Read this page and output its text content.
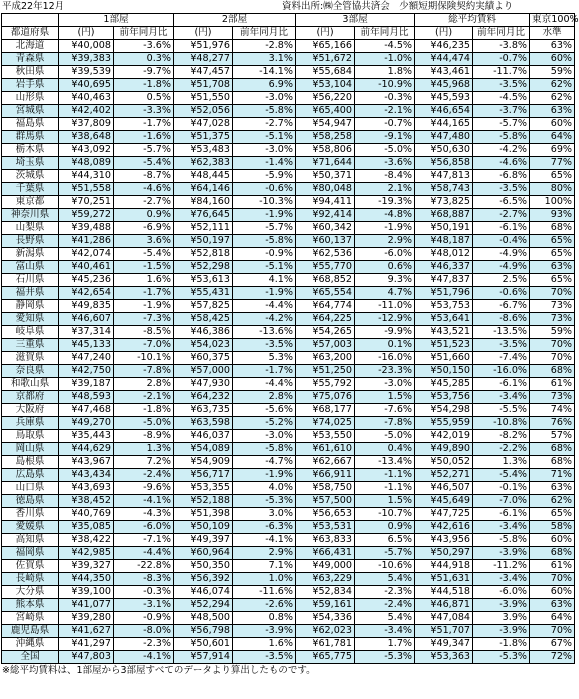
平成22年12月	資料出所:㈱全管協共済会　少額短期保険契約実績より
	1部屋		2部屋		3部屋		総平均賃料		東京100%
都道府県	(円)	前年同月比	(円)	前年同月比	(円)	前年同月比	(円)	前年同月比	水準
北海道	¥40,008	-3.6%	¥51,976	-2.8%	¥65,166	-4.5%	¥46,235	-3.8%	63%
青森県	¥39,383	0.3%	¥48,277	3.1%	¥51,672	-1.0%	¥44,474	-0.7%	60%
秋田県	¥39,539	-9.7%	¥47,457	-14.1%	¥55,684	1.8%	¥43,461	-11.7%	59%
岩手県	¥40,695	-1.8%	¥51,708	6.9%	¥53,104	-10.9%	¥45,968	-3.5%	62%
山形県	¥40,463	0.5%	¥51,550	-3.0%	¥56,220	-0.3%	¥45,593	-4.5%	62%
宮城県	¥42,402	-3.3%	¥52,056	-5.8%	¥65,400	-2.1%	¥46,654	-3.7%	63%
福島県	¥37,809	-1.7%	¥47,028	-2.7%	¥54,947	-0.7%	¥44,165	-5.7%	60%
群馬県	¥38,648	-1.6%	¥51,375	-5.1%	¥58,258	-9.1%	¥47,480	-5.8%	64%
栃木県	¥43,092	-5.7%	¥53,483	-3.0%	¥58,806	-5.0%	¥50,630	-4.2%	69%
埼玉県	¥48,089	-5.4%	¥62,383	-1.4%	¥71,644	-3.6%	¥56,858	-4.6%	77%
茨城県	¥44,310	-8.7%	¥48,445	-5.9%	¥50,371	-8.4%	¥47,813	-6.8%	65%
千葉県	¥51,558	-4.6%	¥64,146	-0.6%	¥80,048	2.1%	¥58,743	-3.5%	80%
東京都	¥70,251	-2.7%	¥84,160	-10.3%	¥94,411	-19.3%	¥73,825	-6.5%	100%
神奈川県	¥59,272	0.9%	¥76,645	-1.9%	¥92,414	-4.8%	¥68,887	-2.7%	93%
山梨県	¥39,488	-6.9%	¥52,111	-5.7%	¥60,342	-1.9%	¥50,191	-6.1%	68%
長野県	¥41,286	3.6%	¥50,197	-5.8%	¥60,137	2.9%	¥48,187	-0.4%	65%
新潟県	¥42,074	-5.4%	¥52,818	-0.9%	¥62,536	-6.0%	¥48,012	-4.9%	65%
富山県	¥40,461	-1.5%	¥52,298	-5.1%	¥55,770	0.6%	¥46,337	-4.9%	63%
石川県	¥45,236	1.6%	¥53,613	4.1%	¥68,852	9.3%	¥47,837	2.5%	65%
福井県	¥42,654	-1.7%	¥55,431	-1.9%	¥65,554	4.7%	¥51,796	-0.6%	70%
静岡県	¥49,835	-1.9%	¥57,825	-4.4%	¥64,774	-11.0%	¥53,753	-6.7%	73%
愛知県	¥46,607	-7.3%	¥58,425	-4.2%	¥64,225	-12.9%	¥53,641	-8.6%	73%
岐阜県	¥37,314	-8.5%	¥46,386	-13.6%	¥54,265	-9.9%	¥43,521	-13.5%	59%
三重県	¥45,133	-7.0%	¥54,023	-3.5%	¥57,003	0.1%	¥51,523	-3.5%	70%
滋賀県	¥47,240	-10.1%	¥60,375	5.3%	¥63,200	-16.0%	¥51,660	-7.4%	70%
奈良県	¥42,750	-7.8%	¥57,000	-1.7%	¥51,250	-23.3%	¥50,150	-16.0%	68%
和歌山県	¥39,187	2.8%	¥47,930	-4.4%	¥55,792	-3.0%	¥45,285	-6.1%	61%
京都府	¥48,593	-2.1%	¥64,232	2.8%	¥75,076	1.5%	¥53,756	-3.4%	73%
大阪府	¥47,468	-1.8%	¥63,735	-5.6%	¥68,177	-7.6%	¥54,298	-5.5%	74%
兵庫県	¥49,270	-5.0%	¥63,598	-5.2%	¥74,025	-7.8%	¥55,959	-10.8%	76%
鳥取県	¥35,443	-8.9%	¥46,037	-3.0%	¥53,550	-5.0%	¥42,019	-8.2%	57%
岡山県	¥44,629	1.3%	¥54,089	-5.8%	¥61,610	0.4%	¥49,890	-2.2%	68%
島根県	¥43,967	7.2%	¥54,909	-4.7%	¥62,667	-13.4%	¥50,052	1.3%	68%
広島県	¥43,434	-2.4%	¥56,717	-1.9%	¥66,911	-1.1%	¥52,271	-5.4%	71%
山口県	¥43,693	-9.6%	¥53,355	4.0%	¥58,750	-1.1%	¥46,507	-0.1%	63%
徳島県	¥38,452	-4.1%	¥52,188	-5.3%	¥57,500	1.5%	¥45,649	-7.0%	62%
香川県	¥40,769	-4.3%	¥51,398	3.0%	¥56,653	-10.7%	¥47,725	-6.1%	65%
愛媛県	¥35,085	-6.0%	¥50,109	-6.3%	¥53,531	0.9%	¥42,616	-3.4%	58%
高知県	¥38,422	-7.1%	¥49,397	-4.1%	¥63,833	6.5%	¥43,956	-5.8%	60%
福岡県	¥42,985	-4.4%	¥60,964	2.9%	¥66,431	-5.7%	¥50,297	-3.9%	68%
佐賀県	¥39,327	-22.8%	¥50,350	7.1%	¥49,000	-10.6%	¥44,918	-11.2%	61%
長崎県	¥44,350	-8.3%	¥56,392	1.0%	¥63,229	5.4%	¥51,631	-3.4%	70%
大分県	¥39,100	-0.3%	¥46,074	-11.6%	¥52,834	-2.3%	¥44,518	-6.0%	60%
熊本県	¥41,077	-3.1%	¥52,294	-2.6%	¥59,161	-2.4%	¥46,871	-3.9%	63%
宮崎県	¥39,280	-0.9%	¥48,500	0.8%	¥54,336	5.4%	¥47,084	3.9%	64%
鹿児島県	¥41,627	-8.0%	¥56,798	-3.9%	¥62,023	-3.4%	¥51,707	-3.9%	70%
沖縄県	¥41,297	-2.3%	¥50,601	1.6%	¥61,781	1.7%	¥49,347	-1.8%	67%
全国	¥47,803	-4.1%	¥57,914	-3.5%	¥65,775	-5.3%	¥53,363	-5.3%	72%
※総平均賃料は、1部屋から3部屋すべてのデータより算出したものです。
